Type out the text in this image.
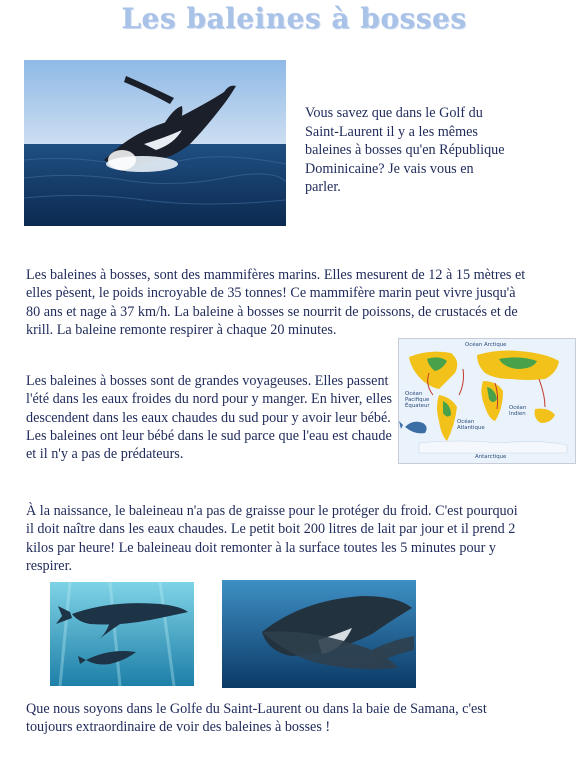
Les baleines à bosses

Vous savez que dans le Golf du Saint-Laurent il y a les mêmes baleines à bosses qu'en République Dominicaine? Je vais vous en parler.

Les baleines à bosses, sont des mammifères marins. Elles mesurent de 12 à 15 mètres et elles pèsent, le poids incroyable de 35 tonnes! Ce mammifère marin peut vivre jusqu'à 80 ans et nage à 37 km/h. La baleine à bosses se nourrit de poissons, de crustacés et de krill. La baleine remonte respirer à chaque 20 minutes.

Océan Arctique
Océan Pacifique Équateur
Océan Atlantique
Océan Indien
Antarctique

Les baleines à bosses sont de grandes voyageuses. Elles passent l'été dans les eaux froides du nord pour y manger. En hiver, elles descendent dans les eaux chaudes du sud pour y avoir leur bébé. Les baleines ont leur bébé dans le sud parce que l'eau est chaude et il n'y a pas de prédateurs.

À la naissance, le baleineau n'a pas de graisse pour le protéger du froid. C'est pourquoi il doit naître dans les eaux chaudes. Le petit boit 200 litres de lait par jour et il prend 2 kilos par heure! Le baleineau doit remonter à la surface toutes les 5 minutes pour y respirer.

Que nous soyons dans le Golfe du Saint-Laurent ou dans la baie de Samana, c'est toujours extraordinaire de voir des baleines à bosses !
